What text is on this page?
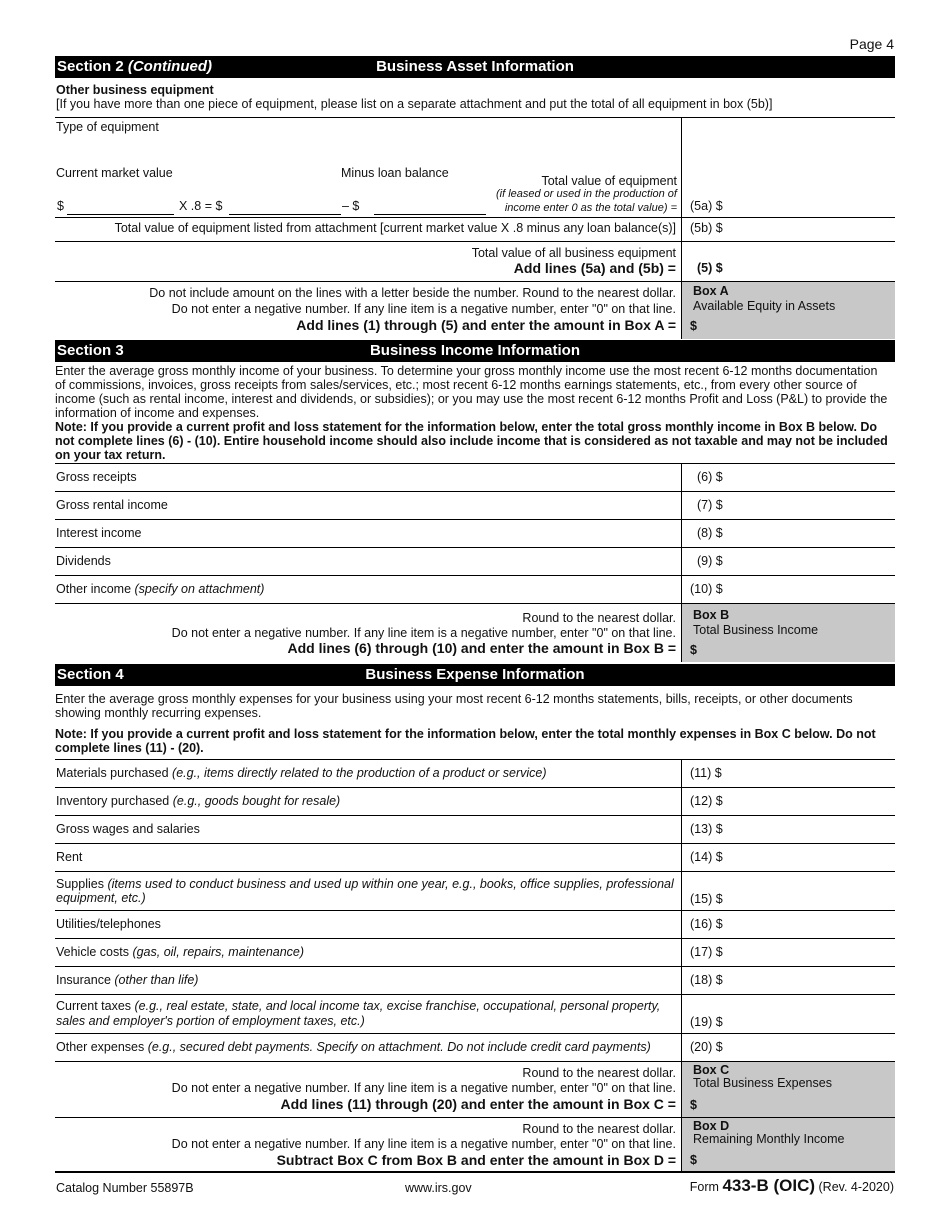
Page 4
Section 2 (Continued)	Business Asset Information
Other business equipment
[If you have more than one piece of equipment, please list on a separate attachment and put the total of all equipment in box (5b)]
Type of equipment
Current market value	Minus loan balance
Total value of equipment
(if leased or used in the production of
income enter 0 as the total value) =
$	X .8 = $	– $	(5a) $
Total value of equipment listed from attachment [current market value X .8 minus any loan balance(s)] (5b) $
Total value of all business equipment
Add lines (5a) and (5b) = (5) $
Do not include amount on the lines with a letter beside the number. Round to the nearest dollar.
Do not enter a negative number. If any line item is a negative number, enter "0" on that line.
Add lines (1) through (5) and enter the amount in Box A =
Box A
Available Equity in Assets
$
Section 3	Business Income Information
Enter the average gross monthly income of your business. To determine your gross monthly income use the most recent 6-12 months documentation of commissions, invoices, gross receipts from sales/services, etc.; most recent 6-12 months earnings statements, etc., from every other source of income (such as rental income, interest and dividends, or subsidies); or you may use the most recent 6-12 months Profit and Loss (P&L) to provide the information of income and expenses.
Note: If you provide a current profit and loss statement for the information below, enter the total gross monthly income in Box B below. Do not complete lines (6) - (10). Entire household income should also include income that is considered as not taxable and may not be included on your tax return.
Gross receipts	(6) $
Gross rental income	(7) $
Interest income	(8) $
Dividends	(9) $
Other income (specify on attachment)	(10) $
Round to the nearest dollar.
Do not enter a negative number. If any line item is a negative number, enter "0" on that line.
Add lines (6) through (10) and enter the amount in Box B =
Box B
Total Business Income
$
Section 4	Business Expense Information
Enter the average gross monthly expenses for your business using your most recent 6-12 months statements, bills, receipts, or other documents showing monthly recurring expenses.
Note: If you provide a current profit and loss statement for the information below, enter the total monthly expenses in Box C below. Do not complete lines (11) - (20).
Materials purchased (e.g., items directly related to the production of a product or service)	(11) $
Inventory purchased (e.g., goods bought for resale)	(12) $
Gross wages and salaries	(13) $
Rent	(14) $
Supplies (items used to conduct business and used up within one year, e.g., books, office supplies, professional
equipment, etc.)	(15) $
Utilities/telephones	(16) $
Vehicle costs (gas, oil, repairs, maintenance)	(17) $
Insurance (other than life)	(18) $
Current taxes (e.g., real estate, state, and local income tax, excise franchise, occupational, personal property,
sales and employer's portion of employment taxes, etc.)	(19) $
Other expenses (e.g., secured debt payments. Specify on attachment. Do not include credit card payments)	(20) $
Round to the nearest dollar.
Do not enter a negative number. If any line item is a negative number, enter "0" on that line.
Add lines (11) through (20) and enter the amount in Box C =
Box C
Total Business Expenses
$
Round to the nearest dollar.
Do not enter a negative number. If any line item is a negative number, enter "0" on that line.
Subtract Box C from Box B and enter the amount in Box D =
Box D
Remaining Monthly Income
$
Catalog Number 55897B	www.irs.gov	Form 433-B (OIC) (Rev. 4-2020)
